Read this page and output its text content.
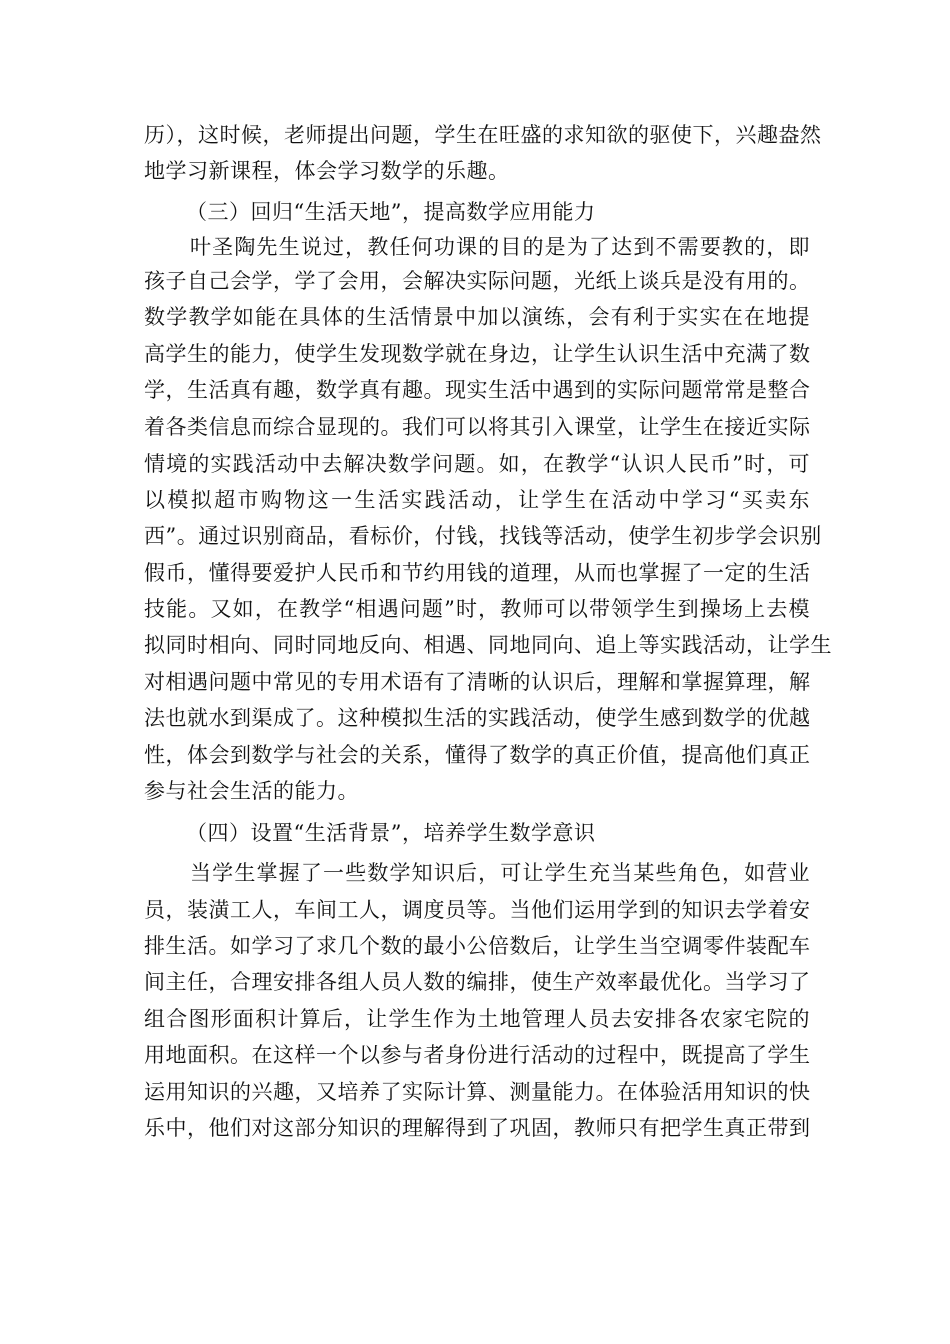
历），这时候，老师提出问题，学生在旺盛的求知欲的驱使下，兴趣盎然
地学习新课程，体会学习数学的乐趣。
（三）回归“生活天地”，提高数学应用能力
叶圣陶先生说过，教任何功课的目的是为了达到不需要教的，即
孩子自己会学，学了会用，会解决实际问题，光纸上谈兵是没有用的。
数学教学如能在具体的生活情景中加以演练，会有利于实实在在地提
高学生的能力，使学生发现数学就在身边，让学生认识生活中充满了数
学，生活真有趣，数学真有趣。现实生活中遇到的实际问题常常是整合
着各类信息而综合显现的。我们可以将其引入课堂，让学生在接近实际
情境的实践活动中去解决数学问题。如，在教学“认识人民币”时，可
以模拟超市购物这一生活实践活动，让学生在活动中学习“买卖东
西”。通过识别商品，看标价，付钱，找钱等活动，使学生初步学会识别
假币，懂得要爱护人民币和节约用钱的道理，从而也掌握了一定的生活
技能。又如，在教学“相遇问题”时，教师可以带领学生到操场上去模
拟同时相向、同时同地反向、相遇、同地同向、追上等实践活动，让学生
对相遇问题中常见的专用术语有了清晰的认识后，理解和掌握算理，解
法也就水到渠成了。这种模拟生活的实践活动，使学生感到数学的优越
性，体会到数学与社会的关系，懂得了数学的真正价值，提高他们真正
参与社会生活的能力。
（四）设置“生活背景”，培养学生数学意识
当学生掌握了一些数学知识后，可让学生充当某些角色，如营业
员，装潢工人，车间工人，调度员等。当他们运用学到的知识去学着安
排生活。如学习了求几个数的最小公倍数后，让学生当空调零件装配车
间主任，合理安排各组人员人数的编排，使生产效率最优化。当学习了
组合图形面积计算后，让学生作为土地管理人员去安排各农家宅院的
用地面积。在这样一个以参与者身份进行活动的过程中，既提高了学生
运用知识的兴趣，又培养了实际计算、测量能力。在体验活用知识的快
乐中，他们对这部分知识的理解得到了巩固，教师只有把学生真正带到
